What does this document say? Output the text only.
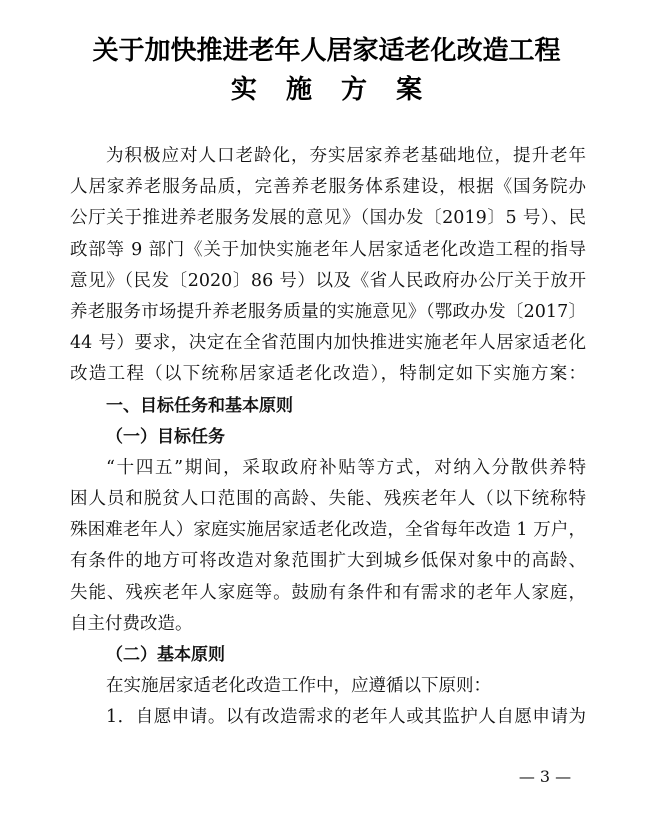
关于加快推进老年人居家适老化改造工程
实 施 方 案
为积极应对人口老龄化，夯实居家养老基础地位，提升老年
人居家养老服务品质，完善养老服务体系建设，根据《国务院办
公厅关于推进养老服务发展的意见》（国办发〔2019〕5 号）、民
政部等 9 部门《关于加快实施老年人居家适老化改造工程的指导
意见》（民发〔2020〕86 号）以及《省人民政府办公厅关于放开
养老服务市场提升养老服务质量的实施意见》（鄂政办发〔2017〕
44 号）要求，决定在全省范围内加快推进实施老年人居家适老化
改造工程（以下统称居家适老化改造），特制定如下实施方案：
一、目标任务和基本原则
（一）目标任务
“十四五”期间，采取政府补贴等方式，对纳入分散供养特
困人员和脱贫人口范围的高龄、失能、残疾老年人（以下统称特
殊困难老年人）家庭实施居家适老化改造，全省每年改造 1 万户，
有条件的地方可将改造对象范围扩大到城乡低保对象中的高龄、
失能、残疾老年人家庭等。鼓励有条件和有需求的老年人家庭，
自主付费改造。
（二）基本原则
在实施居家适老化改造工作中，应遵循以下原则：
1．自愿申请。以有改造需求的老年人或其监护人自愿申请为
— 3 —
